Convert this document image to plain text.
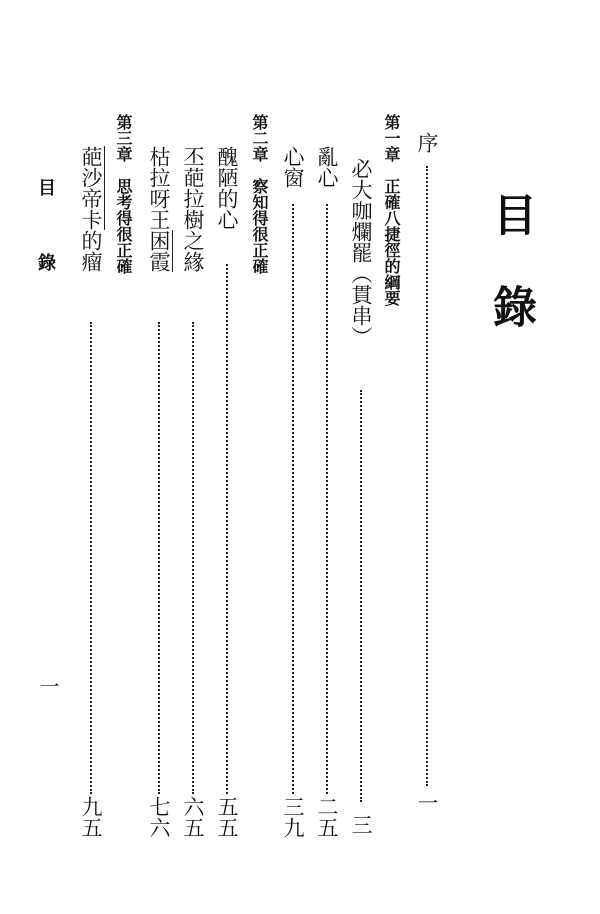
目錄
序
一
第一章　正確八捷徑的綱要
必大咖爛罷（貫串）
三
亂心
二五
心窗
三九
第二章　察知得很正確
醜陋的心
五五
丕葩拉樹之緣
六五
枯拉呀王困霞
七六
第三章　思考得很正確
葩沙帝卡的瘤
九五
目 錄
一
